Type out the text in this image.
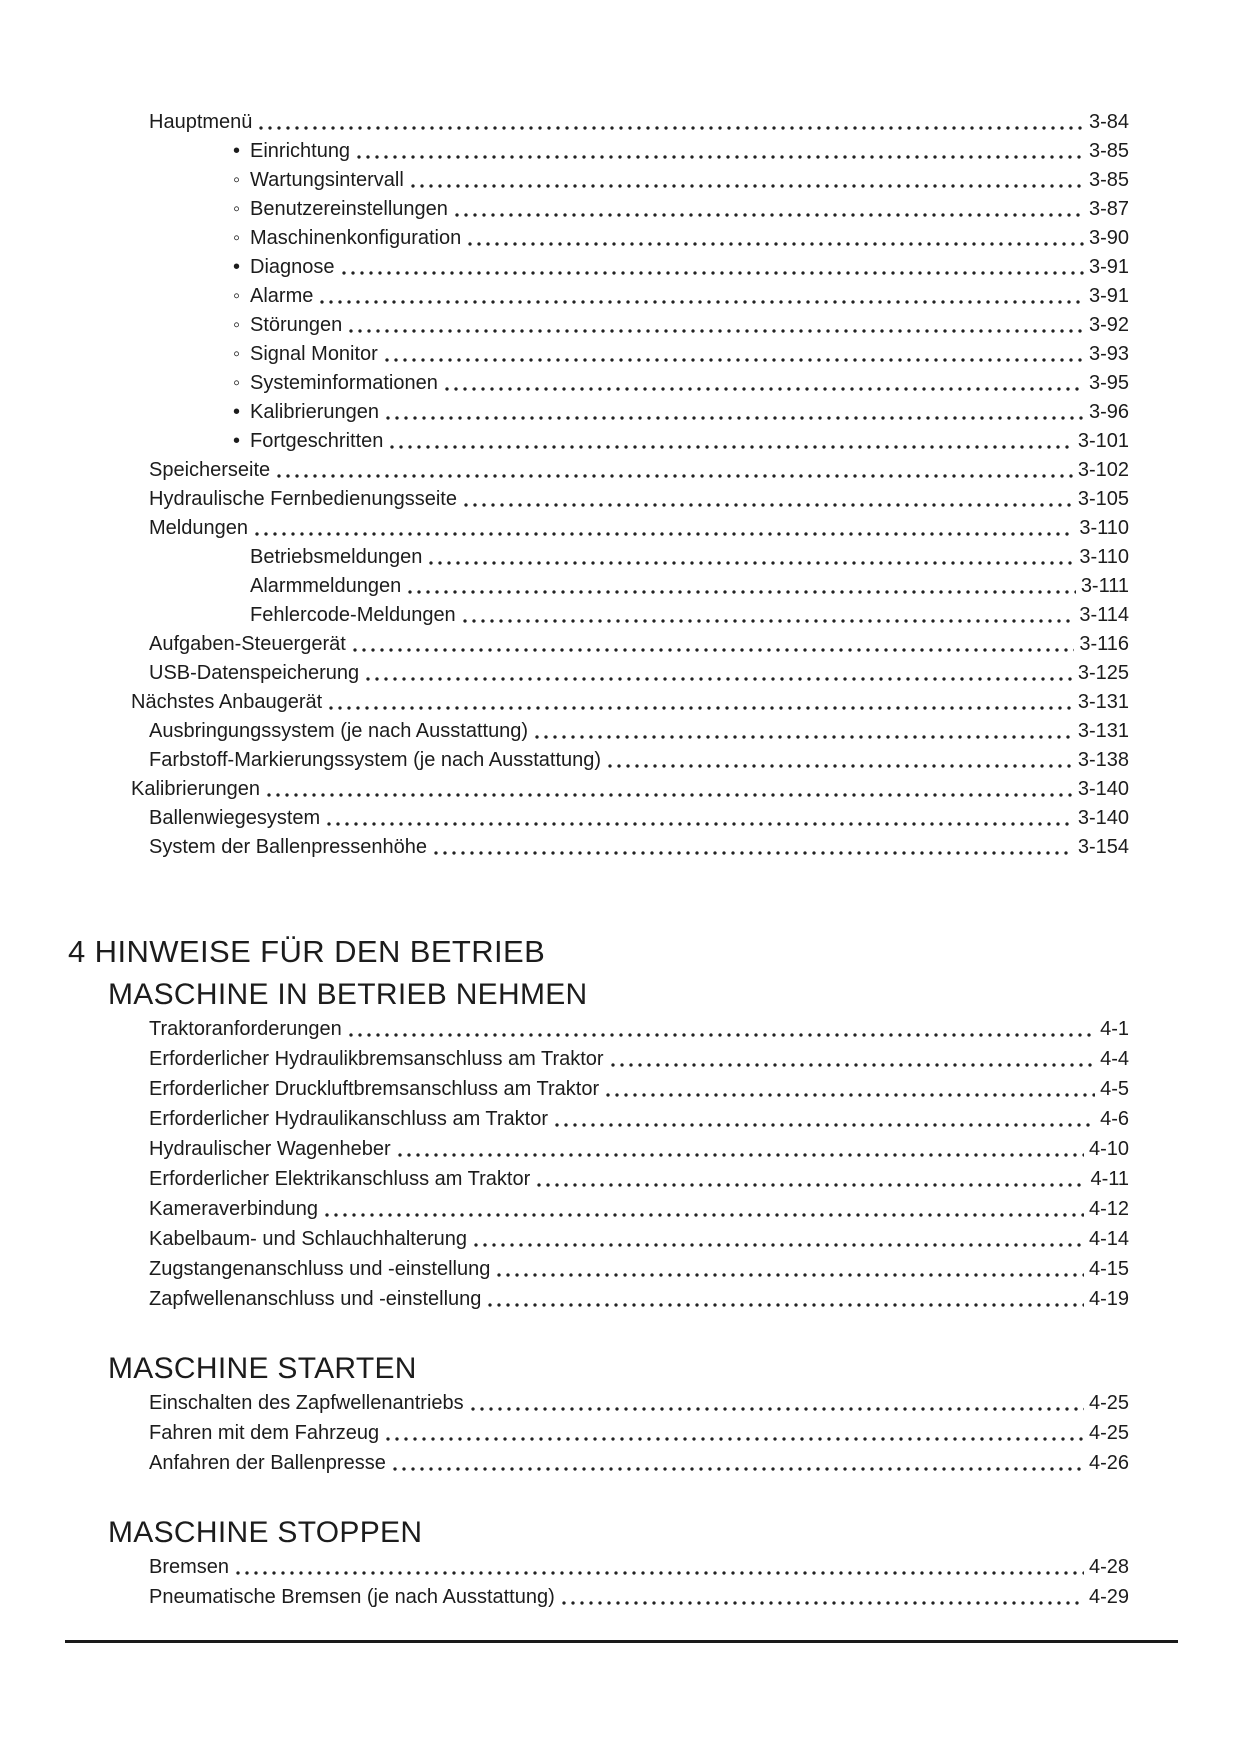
Hauptmenü	3-84
• Einrichtung	3-85
◦ Wartungsintervall	3-85
◦ Benutzereinstellungen	3-87
◦ Maschinenkonfiguration	3-90
• Diagnose	3-91
◦ Alarme	3-91
◦ Störungen	3-92
◦ Signal Monitor	3-93
◦ Systeminformationen	3-95
• Kalibrierungen	3-96
• Fortgeschritten	3-101
Speicherseite	3-102
Hydraulische Fernbedienungsseite	3-105
Meldungen	3-110
Betriebsmeldungen	3-110
Alarmmeldungen	3-111
Fehlercode-Meldungen	3-114
Aufgaben-Steuergerät	3-116
USB-Datenspeicherung	3-125
Nächstes Anbaugerät	3-131
Ausbringungssystem (je nach Ausstattung)	3-131
Farbstoff-Markierungssystem (je nach Ausstattung)	3-138
Kalibrierungen	3-140
Ballenwiegesystem	3-140
System der Ballenpressenhöhe	3-154
4 HINWEISE FÜR DEN BETRIEB
MASCHINE IN BETRIEB NEHMEN
Traktoranforderungen	4-1
Erforderlicher Hydraulikbremsanschluss am Traktor	4-4
Erforderlicher Druckluftbremsanschluss am Traktor	4-5
Erforderlicher Hydraulikanschluss am Traktor	4-6
Hydraulischer Wagenheber	4-10
Erforderlicher Elektrikanschluss am Traktor	4-11
Kameraverbindung	4-12
Kabelbaum- und Schlauchhalterung	4-14
Zugstangenanschluss und -einstellung	4-15
Zapfwellenanschluss und -einstellung	4-19
MASCHINE STARTEN
Einschalten des Zapfwellenantriebs	4-25
Fahren mit dem Fahrzeug	4-25
Anfahren der Ballenpresse	4-26
MASCHINE STOPPEN
Bremsen	4-28
Pneumatische Bremsen (je nach Ausstattung)	4-29
